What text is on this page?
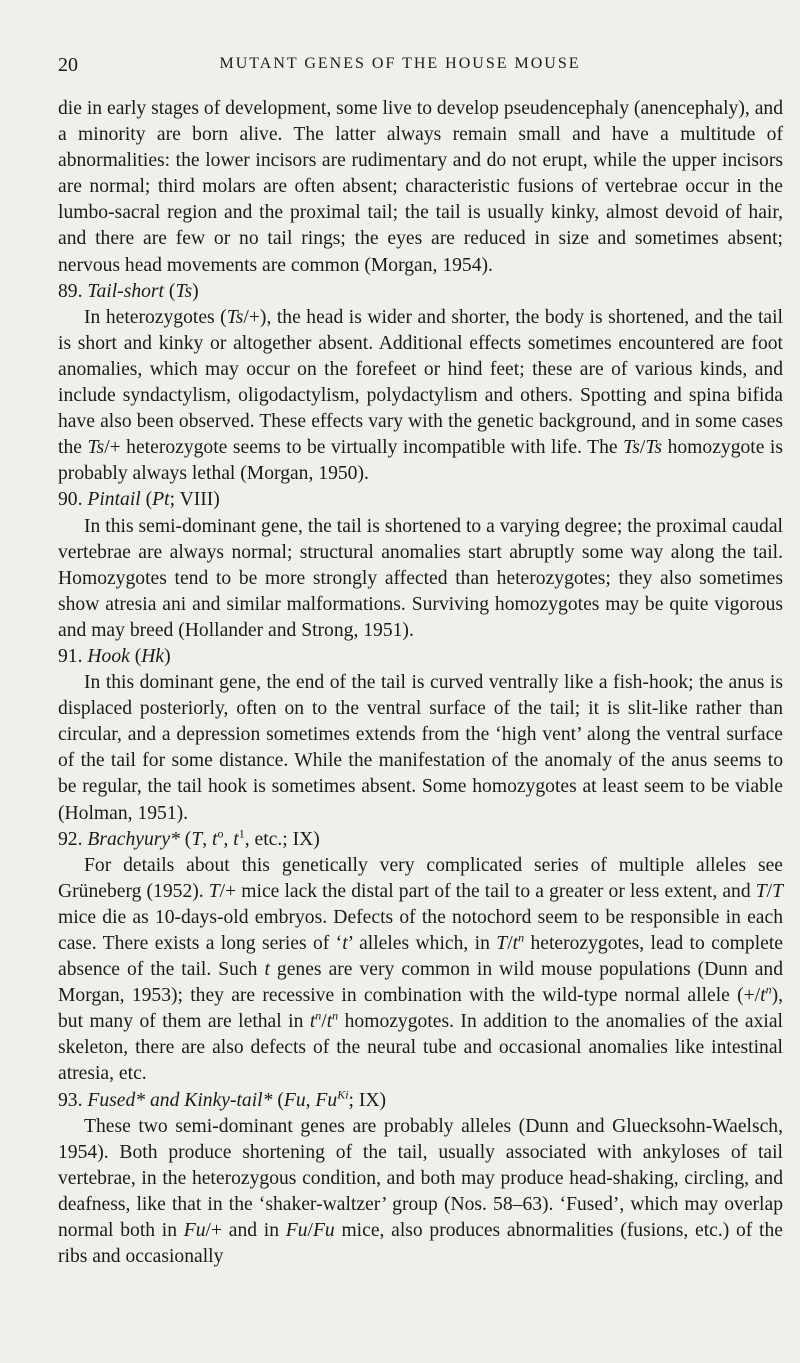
20	MUTANT GENES OF THE HOUSE MOUSE

die in early stages of development, some live to develop pseudencephaly (anencephaly), and a minority are born alive. The latter always remain small and have a multitude of abnormalities: the lower incisors are rudimentary and do not erupt, while the upper incisors are normal; third molars are often absent; characteristic fusions of vertebrae occur in the lumbo-sacral region and the proximal tail; the tail is usually kinky, almost devoid of hair, and there are few or no tail rings; the eyes are reduced in size and sometimes absent; nervous head movements are common (Morgan, 1954).

89. Tail-short (Ts)

In heterozygotes (Ts/+), the head is wider and shorter, the body is shortened, and the tail is short and kinky or altogether absent. Additional effects sometimes encountered are foot anomalies, which may occur on the forefeet or hind feet; these are of various kinds, and include syndactylism, oligodactylism, polydactylism and others. Spotting and spina bifida have also been observed. These effects vary with the genetic background, and in some cases the Ts/+ heterozygote seems to be virtually incompatible with life. The Ts/Ts homozygote is probably always lethal (Morgan, 1950).

90. Pintail (Pt; VIII)

In this semi-dominant gene, the tail is shortened to a varying degree; the proximal caudal vertebrae are always normal; structural anomalies start abruptly some way along the tail. Homozygotes tend to be more strongly affected than heterozygotes; they also sometimes show atresia ani and similar malformations. Surviving homozygotes may be quite vigorous and may breed (Hollander and Strong, 1951).

91. Hook (Hk)

In this dominant gene, the end of the tail is curved ventrally like a fish-hook; the anus is displaced posteriorly, often on to the ventral surface of the tail; it is slit-like rather than circular, and a depression sometimes extends from the ‘high vent’ along the ventral surface of the tail for some distance. While the manifestation of the anomaly of the anus seems to be regular, the tail hook is sometimes absent. Some homozygotes at least seem to be viable (Holman, 1951).

92. Brachyury* (T, $t^o$, $t^1$, etc.; IX)

For details about this genetically very complicated series of multiple alleles see Grüneberg (1952). T/+ mice lack the distal part of the tail to a greater or less extent, and T/T mice die as 10-days-old embryos. Defects of the notochord seem to be responsible in each case. There exists a long series of ‘t’ alleles which, in $T/t^n$ heterozygotes, lead to complete absence of the tail. Such t genes are very common in wild mouse populations (Dunn and Morgan, 1953); they are recessive in combination with the wild-type normal allele $(+/t^n)$, but many of them are lethal in $t^n/t^n$ homozygotes. In addition to the anomalies of the axial skeleton, there are also defects of the neural tube and occasional anomalies like intestinal atresia, etc.

93. Fused* and Kinky-tail* (Fu, $Fu^{Ki}$; IX)

These two semi-dominant genes are probably alleles (Dunn and Gluecksohn-Waelsch, 1954). Both produce shortening of the tail, usually associated with ankyloses of tail vertebrae, in the heterozygous condition, and both may produce head-shaking, circling, and deafness, like that in the ‘shaker-waltzer’ group (Nos. 58–63). ‘Fused’, which may overlap normal both in Fu/+ and in Fu/Fu mice, also produces abnormalities (fusions, etc.) of the ribs and occasionally
